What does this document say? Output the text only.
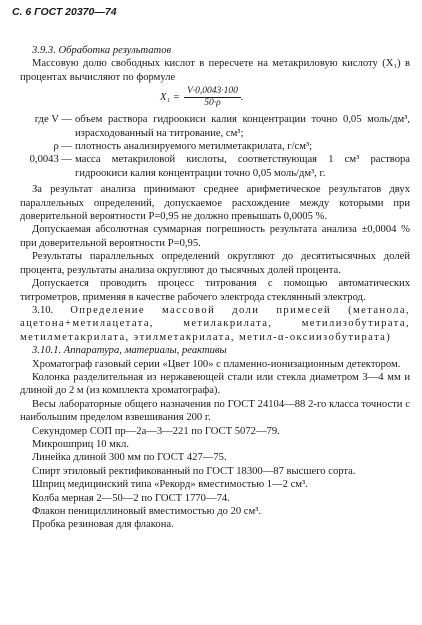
С. 6 ГОСТ 20370—74

3.9.3. Обработка результатов

Массовую долю свободных кислот в пересчете на метакриловую кислоту (X₁) в процентах вычисляют по формуле

$X_1 = \frac{V\cdot 0,0043\cdot 100}{50\cdot\rho}$ .
где V — объем раствора гидроокиси калия концентрации точно 0,05 моль/дм³, израсходованный на титрование, см³;
ρ — плотность анализируемого метилметакрилата, г/см³;
0,0043 — масса метакриловой кислоты, соответствующая 1 см³ раствора гидроокиси калия концентрации точно 0,05 моль/дм³, г.

За результат анализа принимают среднее арифметическое результатов двух параллельных определений, допускаемое расхождение между которыми при доверительной вероятности Р=0,95 не должно превышать 0,0005 %.

Допускаемая абсолютная суммарная погрешность результата анализа ±0,0004 % при доверительной вероятности Р=0,95.

Результаты параллельных определений округляют до десятитысячных долей процента, результаты анализа округляют до тысячных долей процента.

Допускается проводить процесс титрования с помощью автоматических титрометров, применяя в качестве рабочего электрода стеклянный электрод.

3.10. Определение массовой доли примесей (метанола, ацетона+метилацетата, метилакрилата, метилизобутирата, метилметакрилата, этилметакрилата, метил-α-оксиизобутирата)

3.10.1. Аппаратура, материалы, реактивы

Хроматограф газовый серии «Цвет 100» с пламенно-ионизационным детектором.

Колонка разделительная из нержавеющей стали или стекла диаметром 3—4 мм и длиной до 2 м (из комплекта хроматографа).

Весы лабораторные общего назначения по ГОСТ 24104—88 2-го класса точности с наибольшим пределом взвешивания 200 г.

Секундомер СОП пр—2а—3—221 по ГОСТ 5072—79.

Микрошприц 10 мкл.

Линейка длиной 300 мм по ГОСТ 427—75.

Спирт этиловый ректификованный по ГОСТ 18300—87 высшего сорта.

Шприц медицинский типа «Рекорд» вместимостью 1—2 см³.

Колба мерная 2—50—2 по ГОСТ 1770—74.

Флакон пенициллиновый вместимостью до 20 см³.

Пробка резиновая для флакона.
